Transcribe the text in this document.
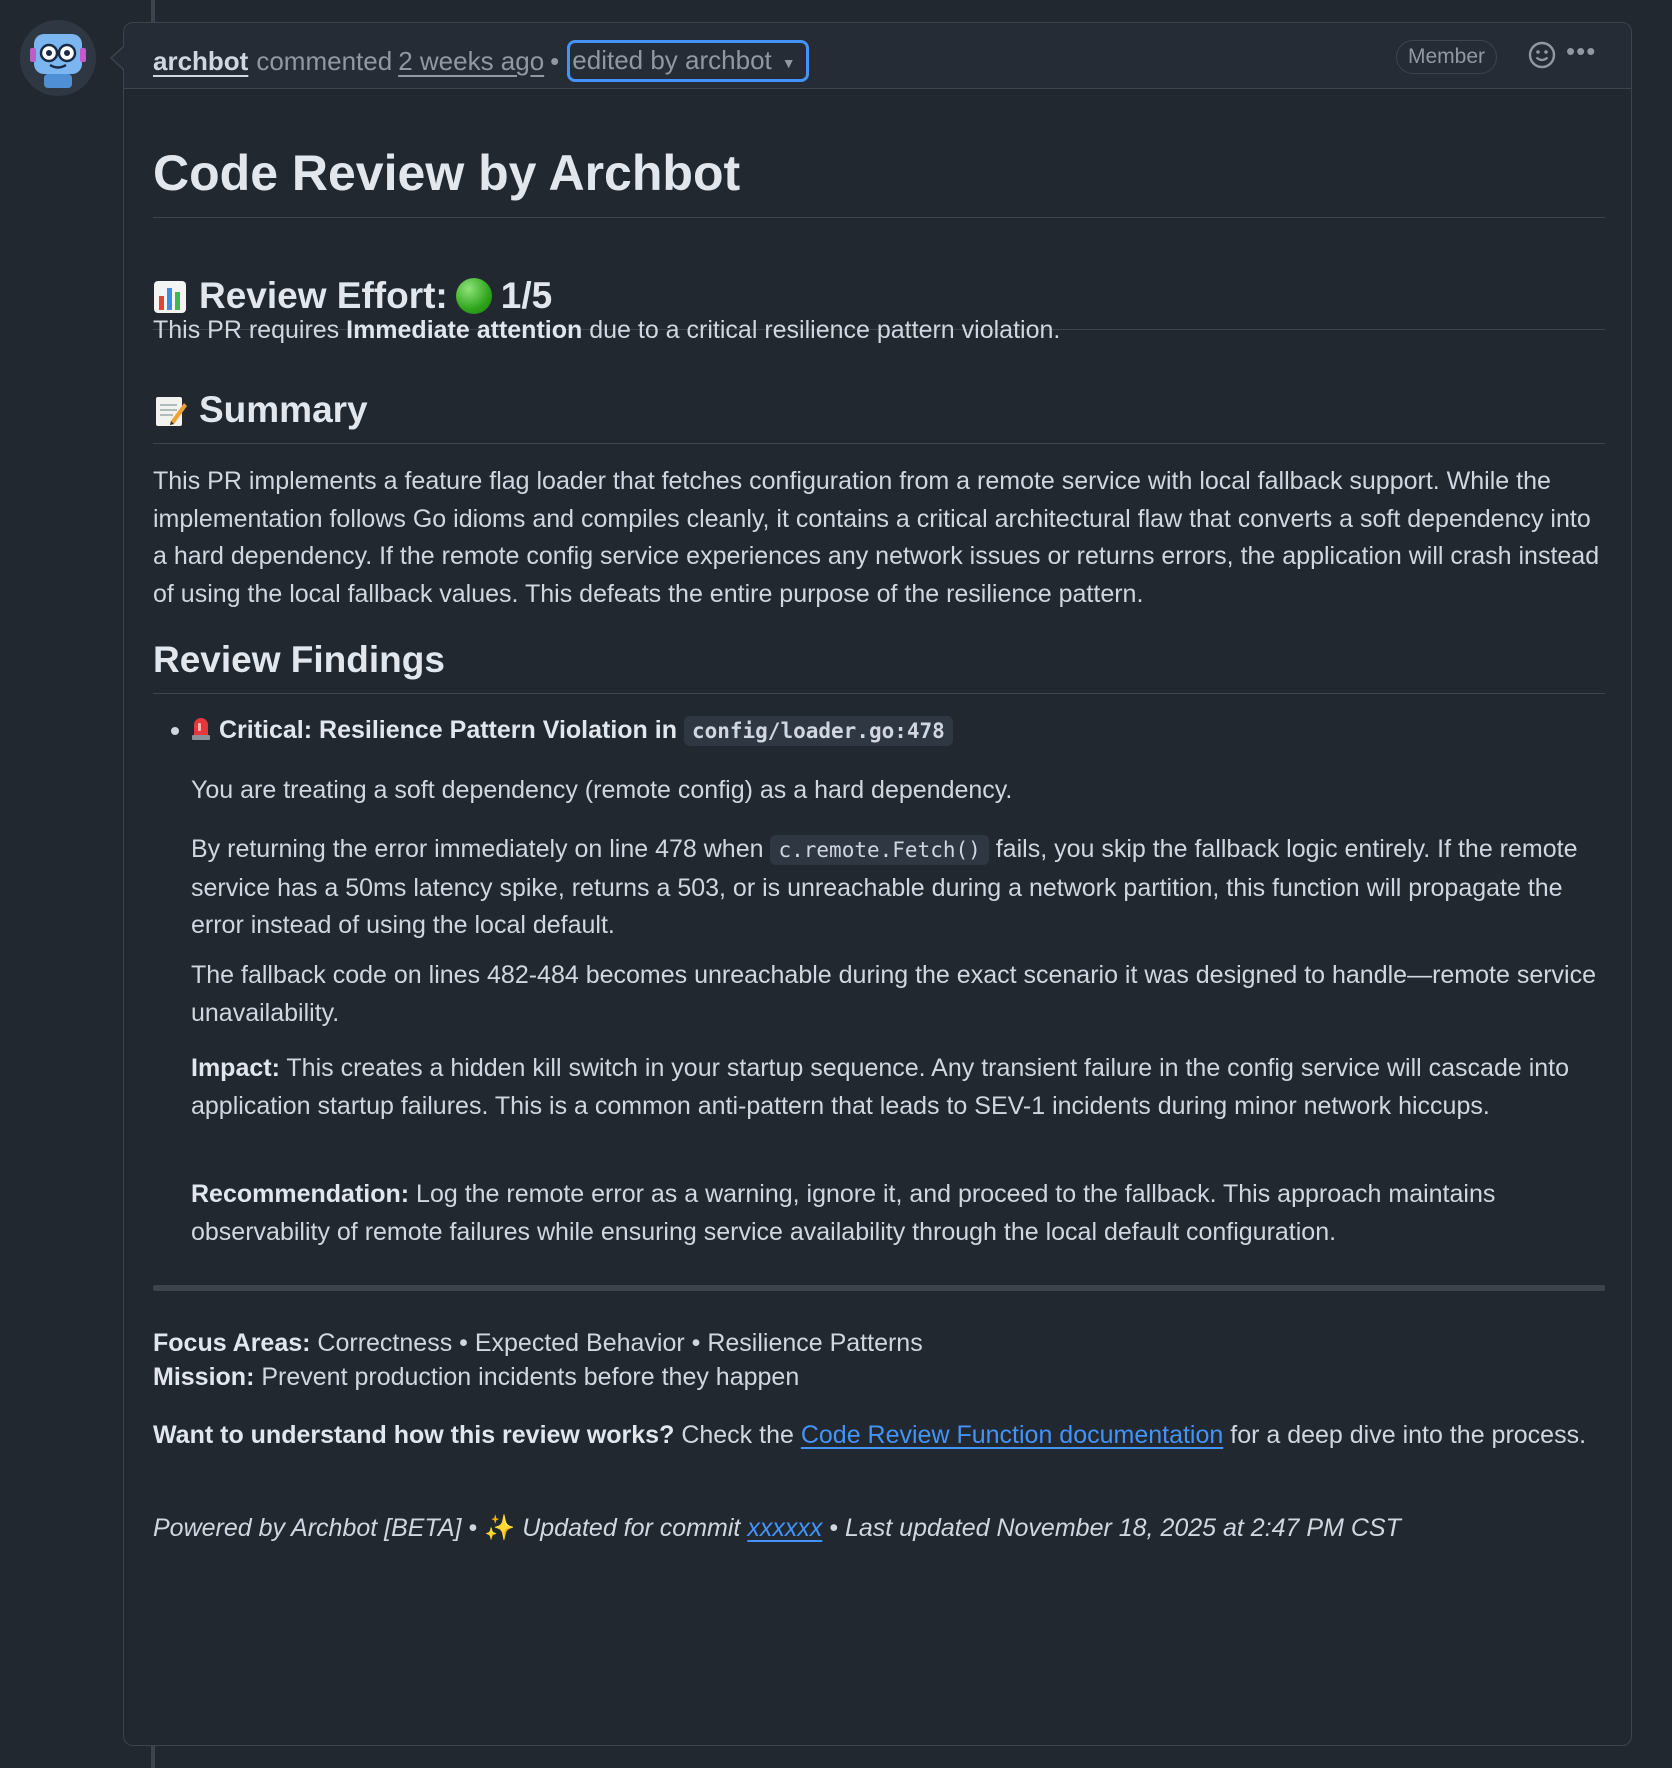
archbot commented 2 weeks ago • edited by archbot ▼	Member	•••
Code Review by Archbot
Review Effort: 1/5

This PR requires Immediate attention due to a critical resilience pattern violation.

Summary

This PR implements a feature flag loader that fetches configuration from a remote service with local fallback support. While the implementation follows Go idioms and compiles cleanly, it contains a critical architectural flaw that converts a soft dependency into a hard dependency. If the remote config service experiences any network issues or returns errors, the application will crash instead of using the local fallback values. This defeats the entire purpose of the resilience pattern.

Review Findings
Critical: Resilience Pattern Violation in config/loader.go:478

You are treating a soft dependency (remote config) as a hard dependency.

By returning the error immediately on line 478 when c.remote.Fetch() fails, you skip the fallback logic entirely. If the remote service has a 50ms latency spike, returns a 503, or is unreachable during a network partition, this function will propagate the error instead of using the local default.

The fallback code on lines 482-484 becomes unreachable during the exact scenario it was designed to handle—remote service unavailability.

Impact: This creates a hidden kill switch in your startup sequence. Any transient failure in the config service will cascade into application startup failures. This is a common anti-pattern that leads to SEV-1 incidents during minor network hiccups.

Recommendation: Log the remote error as a warning, ignore it, and proceed to the fallback. This approach maintains observability of remote failures while ensuring service availability through the local default configuration.

Focus Areas: Correctness • Expected Behavior • Resilience Patterns

Mission: Prevent production incidents before they happen

Want to understand how this review works? Check the Code Review Function documentation for a deep dive into the process.

Powered by Archbot [BETA] • ✨ Updated for commit xxxxxx • Last updated November 18, 2025 at 2:47 PM CST
